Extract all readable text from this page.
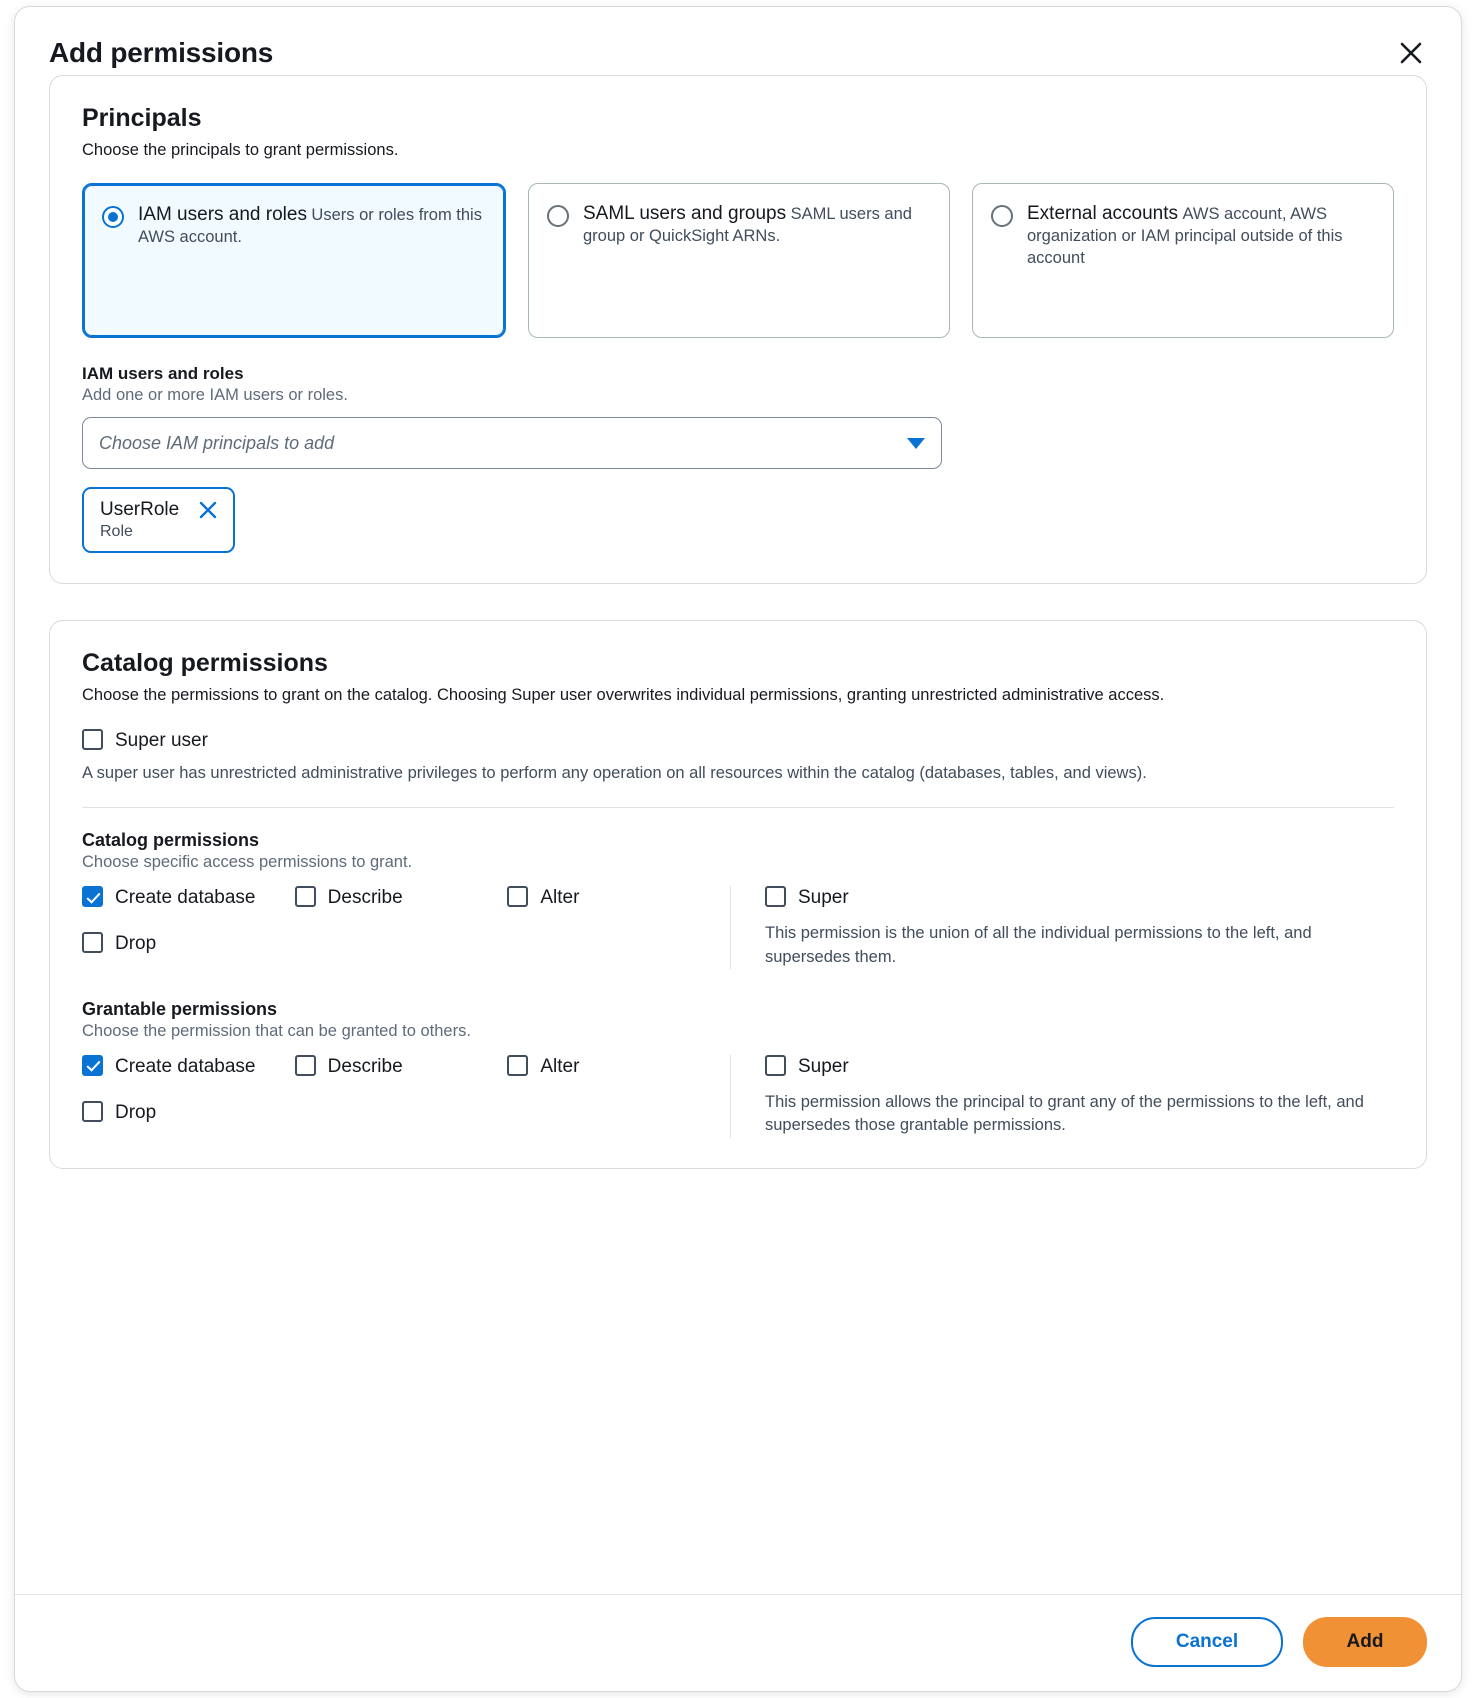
Add permissions
Principals

Choose the principals to grant permissions.

IAM users and roles Users or roles from this AWS account.
SAML users and groups SAML users and group or QuickSight ARNs.
External accounts AWS account, AWS organization or IAM principal outside of this account
IAM users and roles
Add one or more IAM users or roles.
Choose IAM principals to add
UserRole
Role
Catalog permissions

Choose the permissions to grant on the catalog. Choosing Super user overwrites individual permissions, granting unrestricted administrative access.

Super user

A super user has unrestricted administrative privileges to perform any operation on all resources within the catalog (databases, tables, and views).

Catalog permissions
Choose specific access permissions to grant.
Create database	Describe	Alter
Drop
Super
This permission is the union of all the individual permissions to the left, and supersedes them.
Grantable permissions
Choose the permission that can be granted to others.
Create database	Describe	Alter
Drop
Super
This permission allows the principal to grant any of the permissions to the left, and supersedes those grantable permissions.
Cancel	Add
